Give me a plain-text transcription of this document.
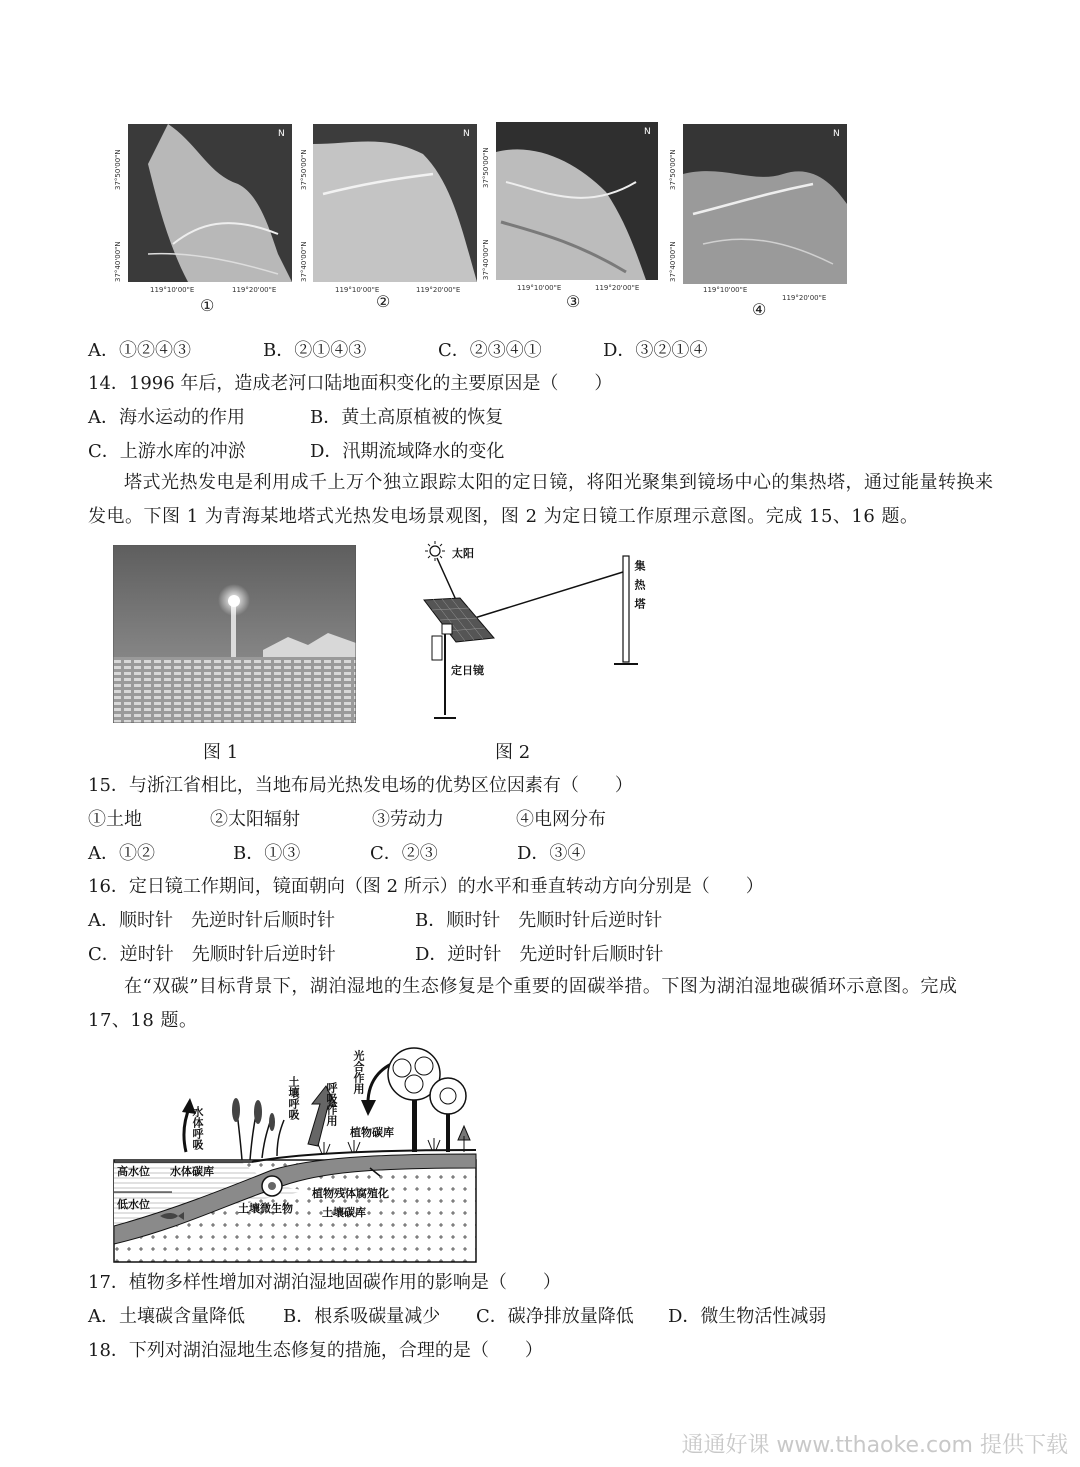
N	N	N	N
37°50'00"N
37°40'00"N
119°10'00"E	119°20'00"E
37°50'00"N
37°40'00"N
119°10'00"E	119°20'00"E
37°50'00"N
37°40'00"N
119°10'00"E	119°20'00"E
37°50'00"N
37°40'00"N
119°10'00"E
119°20'00"E
①	②	③	④
A．①②④③	B．②①④③	C．②③④①	D．③②①④
14．1996 年后，造成老河口陆地面积变化的主要原因是（　　）
A．海水运动的作用	B．黄土高原植被的恢复
C．上游水库的冲淤	D．汛期流域降水的变化
塔式光热发电是利用成千上万个独立跟踪太阳的定日镜，将阳光聚集到镜场中心的集热塔，通过能量转换来发电。下图 1 为青海某地塔式光热发电场景观图，图 2 为定日镜工作原理示意图。完成 15、16 题。
图 1
太阳
集热塔
定日镜
图 2
15．与浙江省相比，当地布局光热发电场的优势区位因素有（　　）
①土地	②太阳辐射	③劳动力	④电网分布
A．①②	B．①③	C．②③	D．③④
16．定日镜工作期间，镜面朝向（图 2 所示）的水平和垂直转动方向分别是（　　）
A．顺时针　先逆时针后顺时针	B．顺时针　先顺时针后逆时针
C．逆时针　先顺时针后逆时针	D．逆时针　先逆时针后顺时针
在“双碳”目标背景下，湖泊湿地的生态修复是个重要的固碳举措。下图为湖泊湿地碳循环示意图。完成 17、18 题。
水体呼吸
土壤呼吸 呼吸作用
光合作用
植物碳库
高水位 水体碳库
低水位
植物残体腐殖化
土壤微生物	土壤碳库
17．植物多样性增加对湖泊湿地固碳作用的影响是（　　）
A．土壤碳含量降低 B．根系吸碳量减少 C．碳净排放量降低 D．微生物活性减弱
18．下列对湖泊湿地生态修复的措施，合理的是（　　）
通通好课 www.tthaoke.com 提供下载
